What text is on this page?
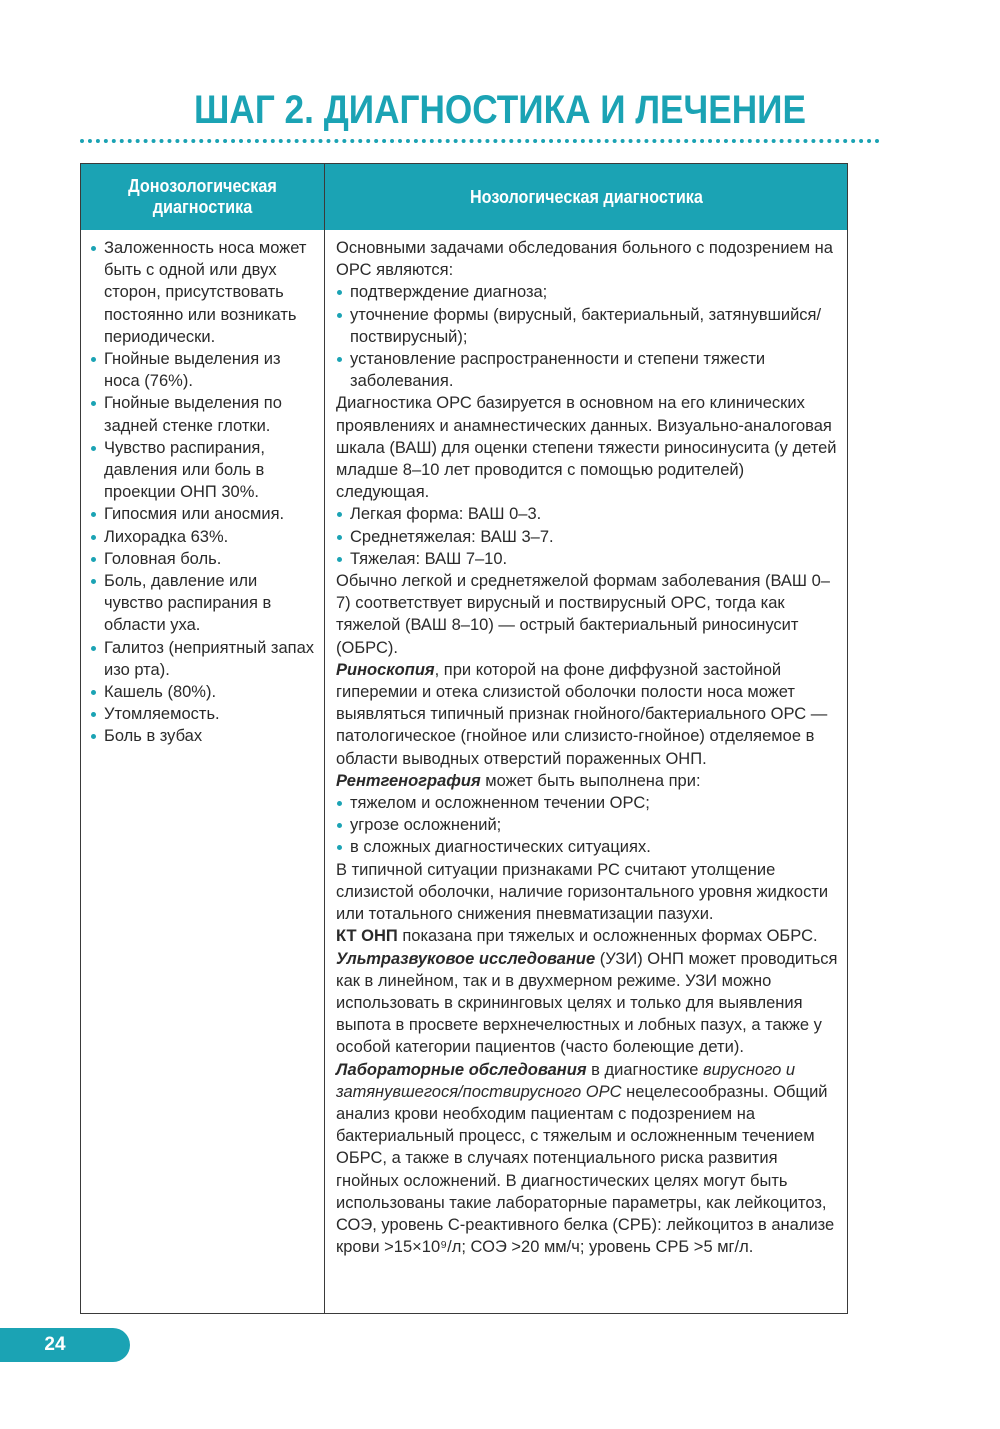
ШАГ 2. ДИАГНОСТИКА И ЛЕЧЕНИЕ
Донозологическая диагностика
Нозологическая диагностика

Заложенность носа может быть с одной или двух сторон, присутствовать постоянно или возникать периодически.

Гнойные выделения из носа (76%).

Гнойные выделения по задней стенке глотки.

Чувство распирания, давления или боль в проекции ОНП 30%.

Гипосмия или аносмия.

Лихорадка 63%.

Головная боль.

Боль, давление или чувство распирания в области уха.

Галитоз (неприятный запах изо рта).

Кашель (80%).

Утомляемость.

Боль в зубах

Основными задачами обследования больного с подозрением на ОРС являются:

подтверждение диагноза;

уточнение формы (вирусный, бактериальный, затянувшийся/поствирусный);

установление распространенности и степени тяжести заболевания.

Диагностика ОРС базируется в основном на его клинических проявлениях и анамнестических данных. Визуально-аналоговая шкала (ВАШ) для оценки степени тяжести риносинусита (у детей младше 8–10 лет проводится с помощью родителей) следующая.

Легкая форма: ВАШ 0–3.

Среднетяжелая: ВАШ 3–7.

Тяжелая: ВАШ 7–10.

Обычно легкой и среднетяжелой формам заболевания (ВАШ 0–7) соответствует вирусный и поствирусный ОРС, тогда как тяжелой (ВАШ 8–10) — острый бактериальный риносинусит (ОБРС).

Риноскопия, при которой на фоне диффузной застойной гиперемии и отека слизистой оболочки полости носа может выявляться типичный признак гнойного/бактериального ОРС — патологическое (гнойное или слизисто-гнойное) отделяемое в области выводных отверстий пораженных ОНП.

Рентгенография может быть выполнена при:

тяжелом и осложненном течении ОРС;

угрозе осложнений;

в сложных диагностических ситуациях.

В типичной ситуации признаками РС считают утолщение слизистой оболочки, наличие горизонтального уровня жидкости или тотального снижения пневматизации пазухи.

КТ ОНП показана при тяжелых и осложненных формах ОБРС.

Ультразвуковое исследование (УЗИ) ОНП может проводиться как в линейном, так и в двухмерном режиме. УЗИ можно использовать в скрининговых целях и только для выявления выпота в просвете верхнечелюстных и лобных пазух, а также у особой категории пациентов (часто болеющие дети).

Лабораторные обследования в диагностике вирусного и затянувшегося/поствирусного ОРС нецелесообразны. Общий анализ крови необходим пациентам с подозрением на бактериальный процесс, с тяжелым и осложненным течением ОБРС, а также в случаях потенциального риска развития гнойных осложнений. В диагностических целях могут быть использованы такие лабораторные параметры, как лейкоцитоз, СОЭ, уровень С-реактивного белка (СРБ): лейкоцитоз в анализе крови >15×10⁹/л; СОЭ >20 мм/ч; уровень СРБ >5 мг/л.

24
